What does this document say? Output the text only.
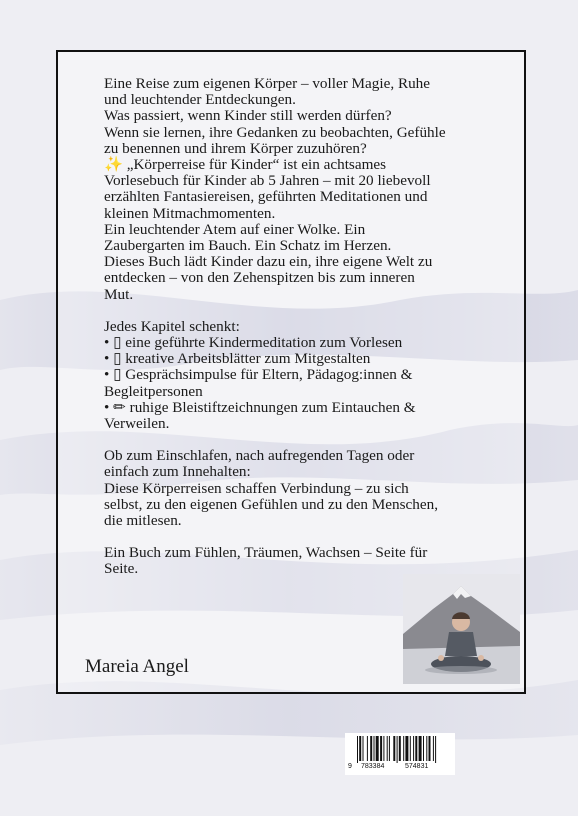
Eine Reise zum eigenen Körper – voller Magie, Ruhe

und leuchtender Entdeckungen.

Was passiert, wenn Kinder still werden dürfen?

Wenn sie lernen, ihre Gedanken zu beobachten, Gefühle

zu benennen und ihrem Körper zuzuhören?

✨ „Körperreise für Kinder“ ist ein achtsames

Vorlesebuch für Kinder ab 5 Jahren – mit 20 liebevoll

erzählten Fantasiereisen, geführten Meditationen und

kleinen Mitmachmomenten.

Ein leuchtender Atem auf einer Wolke. Ein

Zaubergarten im Bauch. Ein Schatz im Herzen.

Dieses Buch lädt Kinder dazu ein, ihre eigene Welt zu

entdecken – von den Zehenspitzen bis zum inneren

Mut.

Jedes Kapitel schenkt:

• ▯ eine geführte Kindermeditation zum Vorlesen

• ▯ kreative Arbeitsblätter zum Mitgestalten

• ▯ Gesprächsimpulse für Eltern, Pädagog:innen &

Begleitpersonen

• ✏ ruhige Bleistiftzeichnungen zum Eintauchen &

Verweilen.

Ob zum Einschlafen, nach aufregenden Tagen oder

einfach zum Innehalten:

Diese Körperreisen schaffen Verbindung – zu sich

selbst, zu den eigenen Gefühlen und zu den Menschen,

die mitlesen.

Ein Buch zum Fühlen, Träumen, Wachsen – Seite für

Seite.

Mareia Angel
9 783384	574831
